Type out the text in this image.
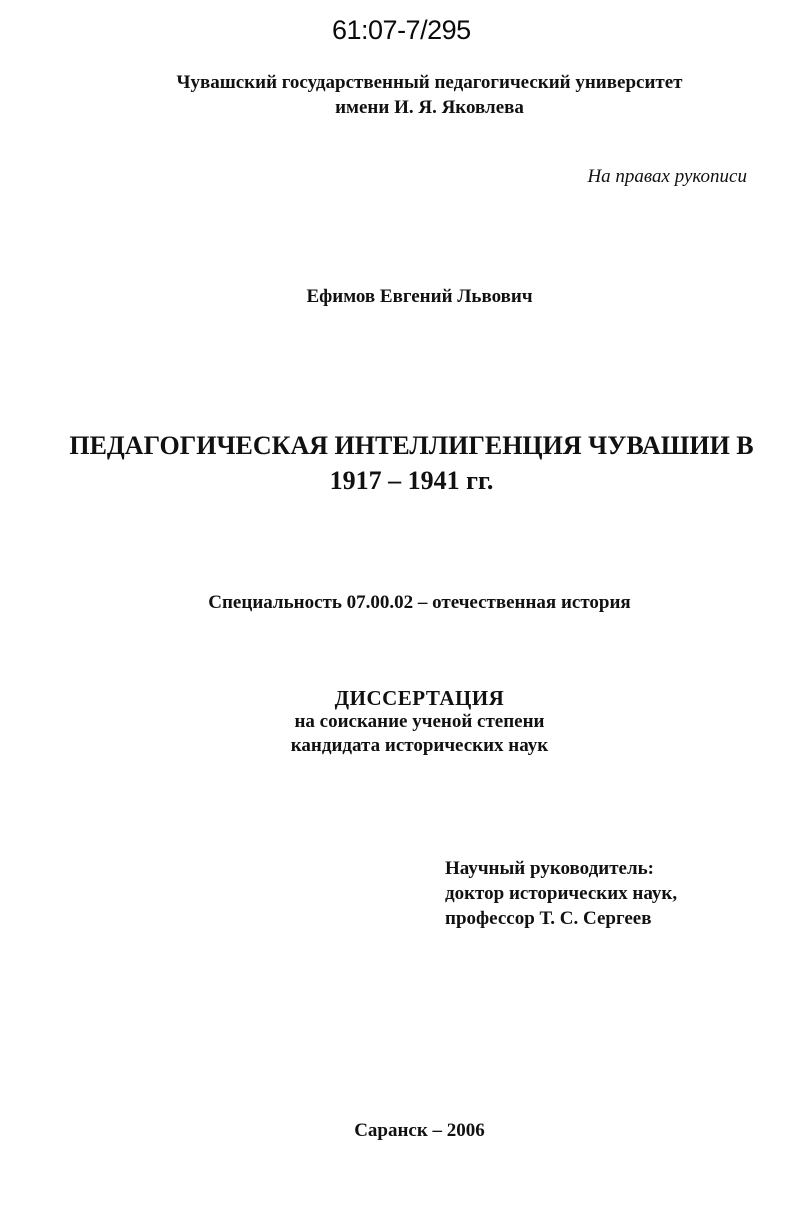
61:07-7/295
Чувашский государственный педагогический университет
имени И. Я. Яковлева
На правах рукописи
Ефимов Евгений Львович
ПЕДАГОГИЧЕСКАЯ ИНТЕЛЛИГЕНЦИЯ ЧУВАШИИ В
1917 – 1941 гг.
Специальность 07.00.02 – отечественная история
ДИССЕРТАЦИЯ
на соискание ученой степени
кандидата исторических наук
Научный руководитель:
доктор исторических наук,
профессор Т. С. Сергеев
Саранск – 2006
